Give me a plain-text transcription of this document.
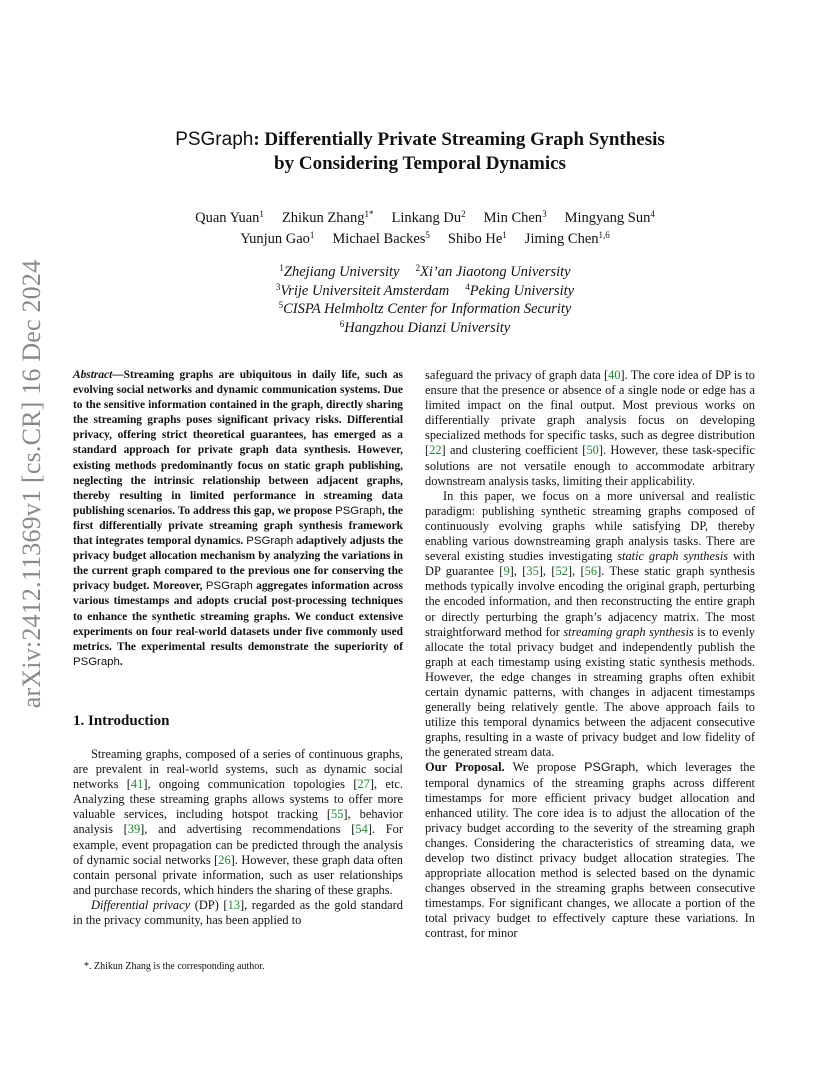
arXiv:2412.11369v1 [cs.CR] 16 Dec 2024
PSGraph: Differentially Private Streaming Graph Synthesis
by Considering Temporal Dynamics
Quan Yuan$^1$ Zhikun Zhang$^{1*}$ Linkang Du$^2$ Min Chen$^3$ Mingyang Sun$^4$
Yunjun Gao$^1$ Michael Backes$^5$ Shibo He$^1$ Jiming Chen$^{1,6}$
$^1$Zhejiang University $^2$Xi’an Jiaotong University
$^3$Vrije Universiteit Amsterdam $^4$Peking University
$^5$CISPA Helmholtz Center for Information Security
$^6$Hangzhou Dianzi University
Abstract—Streaming graphs are ubiquitous in daily life, such as evolving social networks and dynamic communication systems. Due to the sensitive information contained in the graph, directly sharing the streaming graphs poses significant privacy risks. Differential privacy, offering strict theoretical guarantees, has emerged as a standard approach for private graph data synthesis. However, existing methods predominantly focus on static graph publishing, neglecting the intrinsic relationship between adjacent graphs, thereby resulting in limited performance in streaming data publishing scenarios. To address this gap, we propose PSGraph, the first differentially private streaming graph synthesis framework that integrates temporal dynamics. PSGraph adaptively adjusts the privacy budget allocation mechanism by analyzing the variations in the current graph compared to the previous one for conserving the privacy budget. Moreover, PSGraph aggregates information across various timestamps and adopts crucial post-processing techniques to enhance the synthetic streaming graphs. We conduct extensive experiments on four real-world datasets under five commonly used metrics. The experimental results demonstrate the superiority of PSGraph.
1. Introduction

Streaming graphs, composed of a series of continuous graphs, are prevalent in real-world systems, such as dynamic social networks [41], ongoing communication topologies [27], etc. Analyzing these streaming graphs allows systems to offer more valuable services, including hotspot tracking [55], behavior analysis [39], and advertising recommendations [54]. For example, event propagation can be predicted through the analysis of dynamic social networks [26]. However, these graph data often contain personal private information, such as user relationships and purchase records, which hinders the sharing of these graphs.

Differential privacy (DP) [13], regarded as the gold standard in the privacy community, has been applied to

*. Zhikun Zhang is the corresponding author.

safeguard the privacy of graph data [40]. The core idea of DP is to ensure that the presence or absence of a single node or edge has a limited impact on the final output. Most previous works on differentially private graph analysis focus on developing specialized methods for specific tasks, such as degree distribution [22] and clustering coefficient [50]. However, these task-specific solutions are not versatile enough to accommodate arbitrary downstream analysis tasks, limiting their applicability.

In this paper, we focus on a more universal and realistic paradigm: publishing synthetic streaming graphs composed of continuously evolving graphs while satisfying DP, thereby enabling various downstreaming graph analysis tasks. There are several existing studies investigating static graph synthesis with DP guarantee [9], [35], [52], [56]. These static graph synthesis methods typically involve encoding the original graph, perturbing the encoded information, and then reconstructing the entire graph or directly perturbing the graph’s adjacency matrix. The most straightforward method for streaming graph synthesis is to evenly allocate the total privacy budget and independently publish the graph at each timestamp using existing static synthesis methods. However, the edge changes in streaming graphs often exhibit certain dynamic patterns, with changes in adjacent timestamps generally being relatively gentle. The above approach fails to utilize this temporal dynamics between the adjacent consecutive graphs, resulting in a waste of privacy budget and low fidelity of the generated stream data.

Our Proposal. We propose PSGraph, which leverages the temporal dynamics of the streaming graphs across different timestamps for more efficient privacy budget allocation and enhanced utility. The core idea is to adjust the allocation of the privacy budget according to the severity of the streaming graph changes. Considering the characteristics of streaming data, we develop two distinct privacy budget allocation strategies. The appropriate allocation method is selected based on the dynamic changes observed in the streaming graphs between consecutive timestamps. For significant changes, we allocate a portion of the total privacy budget to effectively capture these variations. In contrast, for minor
